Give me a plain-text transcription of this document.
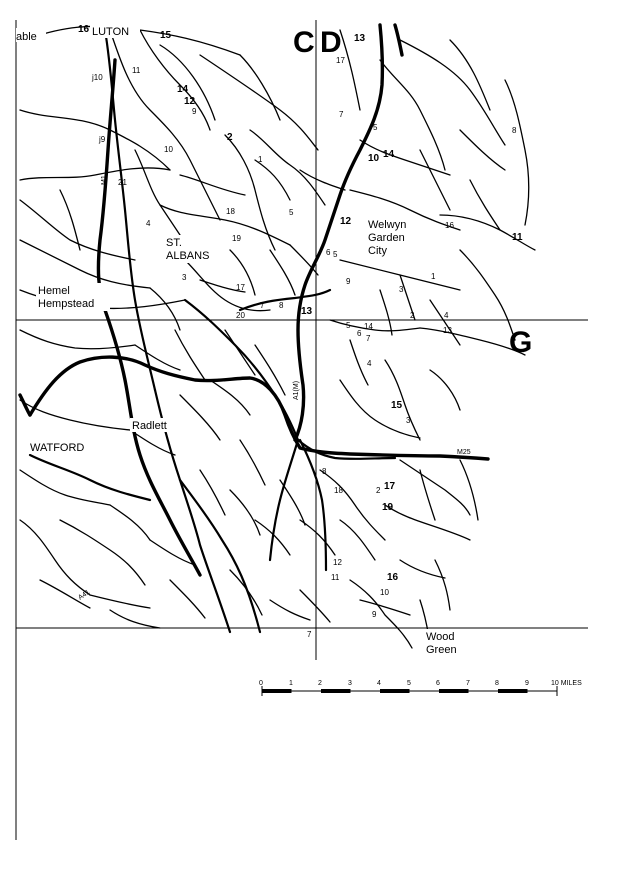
C D
G
able	LUTON
ST.
ALBANS
Hemel
Hempstead
Welwyn
Garden
City
WATFORD
Radlett
Wood
Green
M1
A1(M)
M25
A41
j9
j10
21
16
15
11
14
12
9
2
10
1
4
18	5
19
3
17
7
6
20
8
13
12
5
9
16
11
1
3
2	4
13
14
5
7
6
4
15
3
8
18	2 17
19
12
11	16
10
9
7
13
17
7
5	8
10 14
0	1	2	3	4	5	6	7	8	9	10 MILES
